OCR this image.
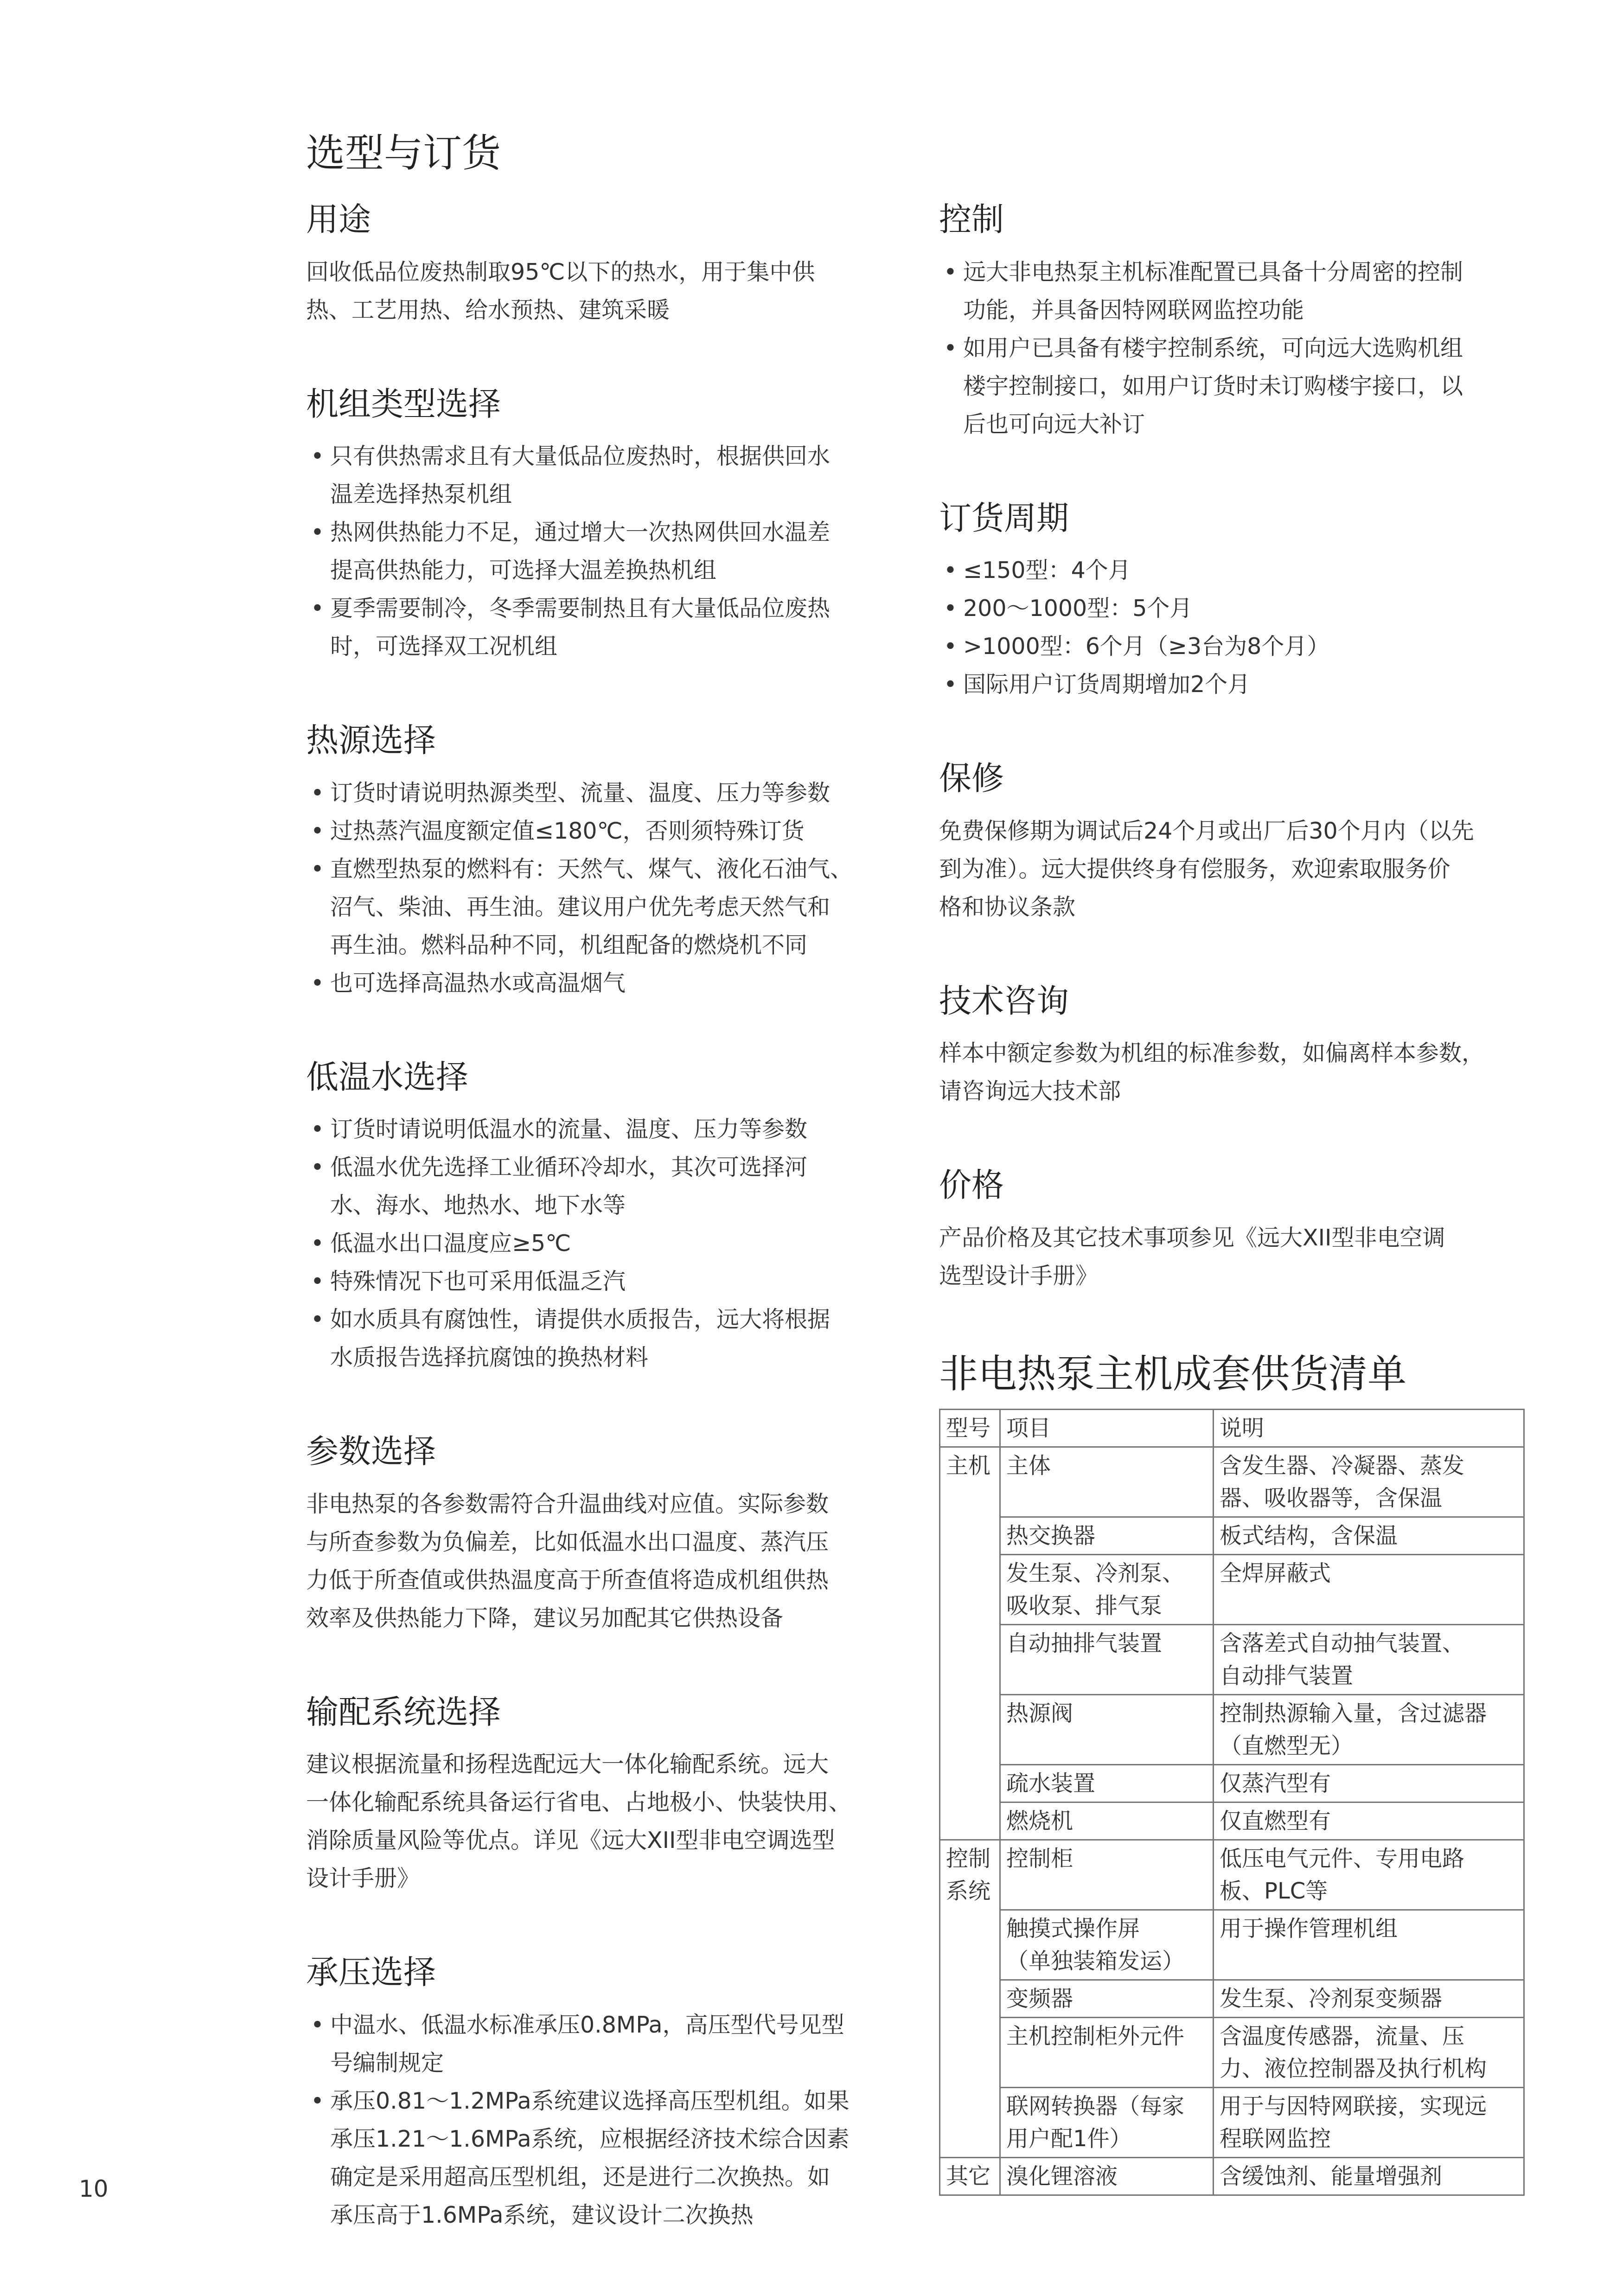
选型与订货
用途

回收低品位废热制取95℃以下的热水，用于集中供
热、工艺用热、给水预热、建筑采暖

机组类型选择
• 只有供热需求且有大量低品位废热时，根据供回水
温差选择热泵机组
• 热网供热能力不足，通过增大一次热网供回水温差
提高供热能力，可选择大温差换热机组
• 夏季需要制冷，冬季需要制热且有大量低品位废热
时，可选择双工况机组
热源选择
• 订货时请说明热源类型、流量、温度、压力等参数
• 过热蒸汽温度额定值≤180℃，否则须特殊订货
• 直燃型热泵的燃料有：天然气、煤气、液化石油气、
沼气、柴油、再生油。建议用户优先考虑天然气和
再生油。燃料品种不同，机组配备的燃烧机不同
• 也可选择高温热水或高温烟气
低温水选择
• 订货时请说明低温水的流量、温度、压力等参数
• 低温水优先选择工业循环冷却水，其次可选择河
水、海水、地热水、地下水等
• 低温水出口温度应≥5℃
• 特殊情况下也可采用低温乏汽
• 如水质具有腐蚀性，请提供水质报告，远大将根据
水质报告选择抗腐蚀的换热材料
参数选择

非电热泵的各参数需符合升温曲线对应值。实际参数
与所查参数为负偏差，比如低温水出口温度、蒸汽压
力低于所查值或供热温度高于所查值将造成机组供热
效率及供热能力下降，建议另加配其它供热设备

输配系统选择

建议根据流量和扬程选配远大一体化输配系统。远大
一体化输配系统具备运行省电、占地极小、快装快用、
消除质量风险等优点。详见《远大XII型非电空调选型
设计手册》

承压选择
• 中温水、低温水标准承压0.8MPa，高压型代号见型
号编制规定
• 承压0.81～1.2MPa系统建议选择高压型机组。如果
承压1.21～1.6MPa系统，应根据经济技术综合因素
确定是采用超高压型机组，还是进行二次换热。如
承压高于1.6MPa系统，建议设计二次换热
控制
• 远大非电热泵主机标准配置已具备十分周密的控制
功能，并具备因特网联网监控功能
• 如用户已具备有楼宇控制系统，可向远大选购机组
楼宇控制接口，如用户订货时未订购楼宇接口，以
后也可向远大补订
订货周期
• ≤150型：4个月
• 200～1000型：5个月
• >1000型：6个月（≥3台为8个月）
• 国际用户订货周期增加2个月
保修

免费保修期为调试后24个月或出厂后30个月内（以先
到为准）。远大提供终身有偿服务，欢迎索取服务价
格和协议条款

技术咨询

样本中额定参数为机组的标准参数，如偏离样本参数，
请咨询远大技术部

价格

产品价格及其它技术事项参见《远大XII型非电空调
选型设计手册》

非电热泵主机成套供货清单
型号	项目	说明
主机	主体	含发生器、冷凝器、蒸发
器、吸收器等，含保温
	热交换器	板式结构，含保温
	发生泵、冷剂泵、
吸收泵、排气泵	全焊屏蔽式
	自动抽排气装置	含落差式自动抽气装置、
自动排气装置
	热源阀	控制热源输入量，含过滤器
（直燃型无）
	疏水装置	仅蒸汽型有
	燃烧机	仅直燃型有
控制
系统	控制柜	低压电气元件、专用电路
板、PLC等
	触摸式操作屏
（单独装箱发运）	用于操作管理机组
	变频器	发生泵、冷剂泵变频器
	主机控制柜外元件	含温度传感器，流量、压
力、液位控制器及执行机构
	联网转换器（每家
用户配1件）	用于与因特网联接，实现远
程联网监控
其它	溴化锂溶液	含缓蚀剂、能量增强剂
10
